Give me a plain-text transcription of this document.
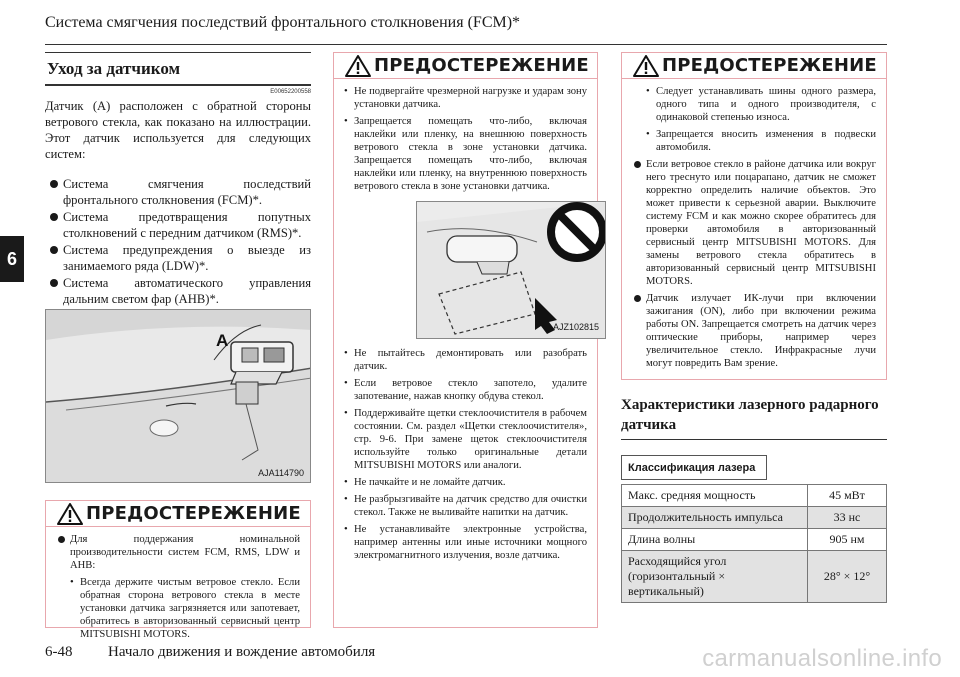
Система смягчения последствий фронтального столкновения (FCM)*
6
Уход за датчиком
E00652200558

Датчик (A) расположен с обратной стороны ветрового стекла, как показано на иллюстрации. Этот датчик используется для следующих систем:

Система смягчения последствий фронтального столкновения (FCM)*.
Система предотвращения попутных столкновений с передним датчиком (RMS)*.
Система предупреждения о выезде из занимаемого ряда (LDW)*.
Система автоматического управления дальним светом фар (AHB)*.
A
AJA114790
ПРЕДОСТЕРЕЖЕНИЕ
Для поддержания номинальной производительности систем FCM, RMS, LDW и AHB:
• Всегда держите чистым ветровое стекло. Если обратная сторона ветрового стекла в месте установки датчика загрязняется или запотевает, обратитесь в авторизованный сервисный центр MITSUBISHI MOTORS.
ПРЕДОСТЕРЕЖЕНИЕ
• Не подвергайте чрезмерной нагрузке и ударам зону установки датчика.
• Запрещается помещать что-либо, включая наклейки или пленку, на внешнюю поверхность ветрового стекла в зоне установки датчика. Запрещается помещать что-либо, включая наклейки или пленку, на внутреннюю поверхность ветрового стекла в зоне установки датчика.
AJZ102815
• Не пытайтесь демонтировать или разобрать датчик.
• Если ветровое стекло запотело, удалите запотевание, нажав кнопку обдува стекол.
• Поддерживайте щетки стеклоочистителя в рабочем состоянии. См. раздел «Щетки стеклоочистителя», стр. 9-6. При замене щеток стеклоочистителя используйте только оригинальные детали MITSUBISHI MOTORS или аналоги.
• Не пачкайте и не ломайте датчик.
• Не разбрызгивайте на датчик средство для очистки стекол. Также не выливайте напитки на датчик.
• Не устанавливайте электронные устройства, например антенны или иные источники мощного электромагнитного излучения, возле датчика.
ПРЕДОСТЕРЕЖЕНИЕ
• Следует устанавливать шины одного размера, одного типа и одного производителя, с одинаковой степенью износа.
• Запрещается вносить изменения в подвески автомобиля.
Если ветровое стекло в районе датчика или вокруг него треснуто или поцарапано, датчик не сможет корректно определить наличие объектов. Это может привести к серьезной аварии. Выключите систему FCM и как можно скорее обратитесь для проверки автомобиля в авторизованный сервисный центр MITSUBISHI MOTORS. Для замены ветрового стекла обратитесь в авторизованный сервисный центр MITSUBISHI MOTORS.
Датчик излучает ИК-лучи при включении зажигания (ON), либо при включении режима работы ON. Запрещается смотреть на датчик через оптические приборы, например через увеличительное стекло. Инфракрасные лучи могут повредить Вам зрение.
Характеристики лазерного радарного датчика
Классификация лазера
Макс. средняя мощность	45 мВт
Продолжительность импульса	33 нс
Длина волны	905 нм
Расходящийся угол (горизонтальный × вертикальный)	28° × 12°
6-48 Начало движения и вождение автомобиля	carmanualsonline.info
